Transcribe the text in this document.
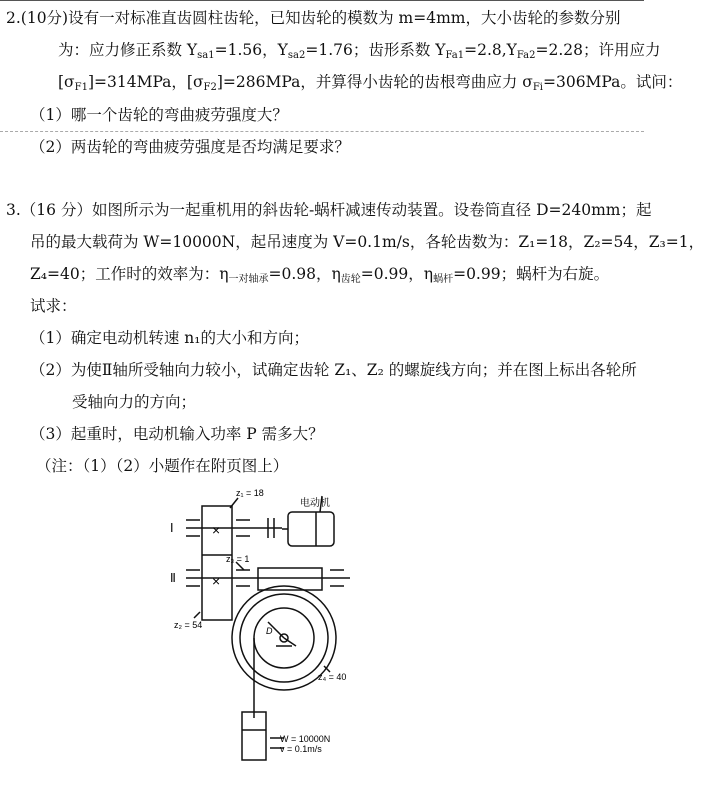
2.(10分)设有一对标准直齿圆柱齿轮，已知齿轮的模数为 m=4mm，大小齿轮的参数分别
为：应力修正系数 $Y_{sa1}=1.56$，$Y_{sa2}=1.76$；齿形系数 $Y_{Fa1}=2.8,Y_{Fa2}=2.28$；许用应力
$[\sigma_{F1}]=314MPa$，$[\sigma_{F2}]=286MPa$，并算得小齿轮的齿根弯曲应力 $\sigma_{Fi}=306MPa$。试问：
（1）哪一个齿轮的弯曲疲劳强度大？
（2）两齿轮的弯曲疲劳强度是否均满足要求？
3.（16 分）如图所示为一起重机用的斜齿轮-蜗杆减速传动装置。设卷筒直径 D=240mm；起
吊的最大载荷为 W=10000N，起吊速度为 V=0.1m/s，各轮齿数为：Z₁=18，Z₂=54，Z₃=1，
Z₄=40；工作时的效率为：$\eta_{一对轴承}=0.98$，$\eta_{齿轮}=0.99$，$\eta_{蜗杆}=0.99$；蜗杆为右旋。
试求：
（1）确定电动机转速 n₁的大小和方向；
（2）为使Ⅱ轴所受轴向力较小，试确定齿轮 Z₁、Z₂ 的螺旋线方向；并在图上标出各轮所
受轴向力的方向；
（3）起重时，电动机输入功率 P 需多大？
（注：（1）（2）小题作在附页图上）
×
×
Ⅰ
Ⅱ
z₁ = 18
电动机
z₃ = 1
z₂ = 54
D
z₄ = 40
W = 10000N
v = 0.1m/s
